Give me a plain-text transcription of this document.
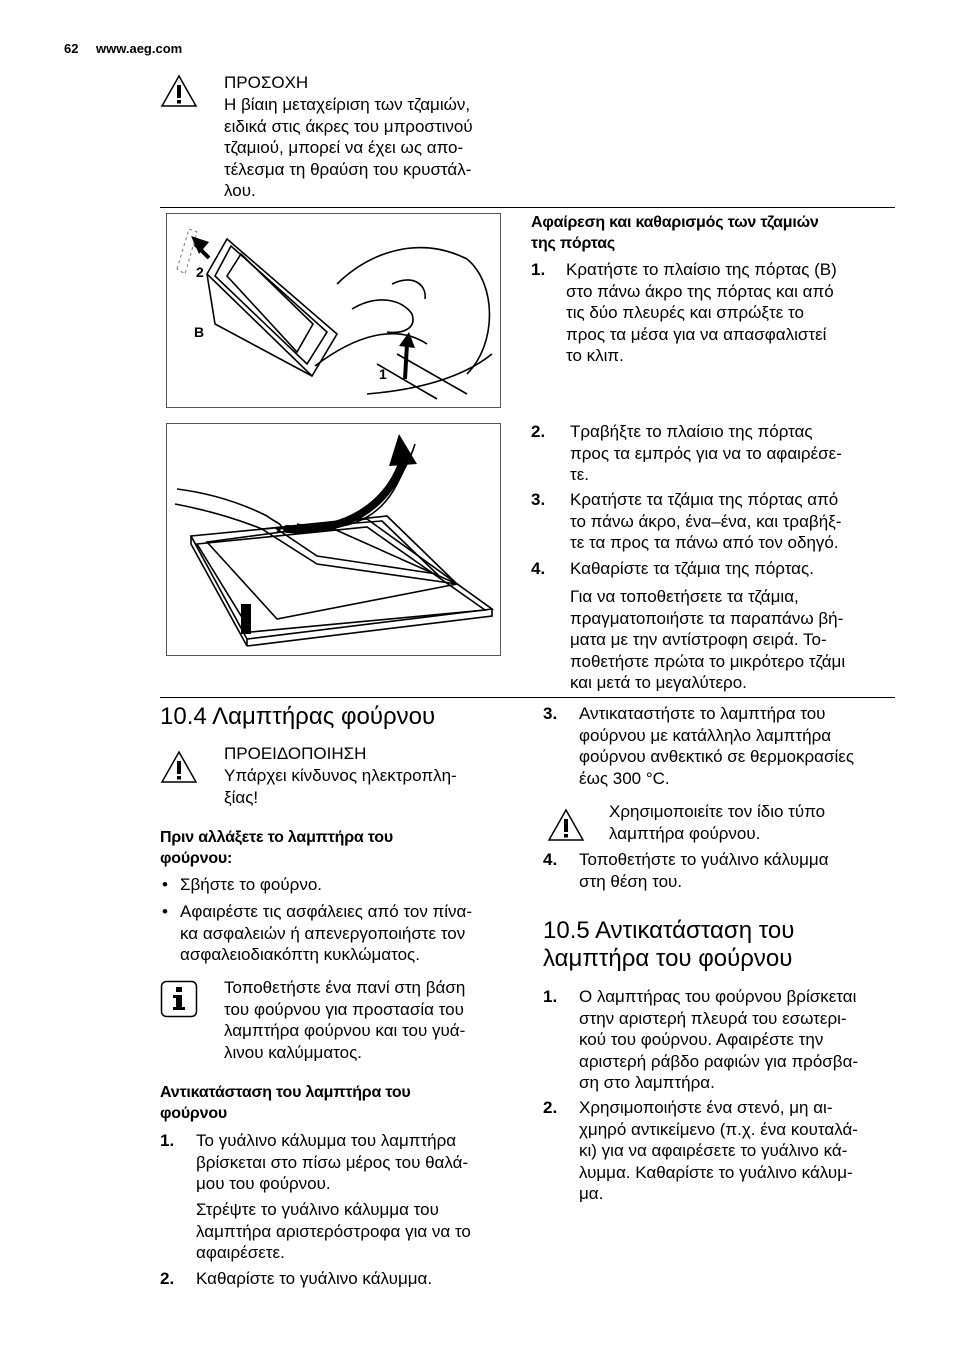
62 www.aeg.com
ΠΡΟΣΟΧΗ
Η βίαιη μεταχείριση των τζαμιών,
ειδικά στις άκρες του μπροστινού
τζαμιού, μπορεί να έχει ως απο-
τέλεσμα τη θραύση του κρυστάλ-
λου.
2
B
1
Αφαίρεση και καθαρισμός των τζαμιών
της πόρτας
1. Κρατήστε το πλαίσιο της πόρτας (B)
στο πάνω άκρο της πόρτας και από
τις δύο πλευρές και σπρώξτε το
προς τα μέσα για να απασφαλιστεί
το κλιπ.
2. Τραβήξτε το πλαίσιο της πόρτας
προς τα εμπρός για να το αφαιρέσε-
τε.
3. Κρατήστε τα τζάμια της πόρτας από
το πάνω άκρο, ένα–ένα, και τραβήξ-
τε τα προς τα πάνω από τον οδηγό.
4. Καθαρίστε τα τζάμια της πόρτας.
Για να τοποθετήσετε τα τζάμια,
πραγματοποιήστε τα παραπάνω βή-
ματα με την αντίστροφη σειρά. Το-
ποθετήστε πρώτα το μικρότερο τζάμι
και μετά το μεγαλύτερο.
10.4 Λαμπτήρας φούρνου
ΠΡΟΕΙΔΟΠΟΙΗΣΗ
Υπάρχει κίνδυνος ηλεκτροπλη-
ξίας!
Πριν αλλάξετε το λαμπτήρα του
φούρνου:
• Σβήστε το φούρνο.
• Αφαιρέστε τις ασφάλειες από τον πίνα-
κα ασφαλειών ή απενεργοποιήστε τον
ασφαλειοδιακόπτη κυκλώματος.
Τοποθετήστε ένα πανί στη βάση
του φούρνου για προστασία του
λαμπτήρα φούρνου και του γυά-
λινου καλύμματος.
Αντικατάσταση του λαμπτήρα του
φούρνου
1. Το γυάλινο κάλυμμα του λαμπτήρα
βρίσκεται στο πίσω μέρος του θαλά-
μου του φούρνου.
Στρέψτε το γυάλινο κάλυμμα του
λαμπτήρα αριστερόστροφα για να το
αφαιρέσετε.
2. Καθαρίστε το γυάλινο κάλυμμα.
3. Αντικαταστήστε το λαμπτήρα του
φούρνου με κατάλληλο λαμπτήρα
φούρνου ανθεκτικό σε θερμοκρασίες
έως 300 °C.
Χρησιμοποιείτε τον ίδιο τύπο
λαμπτήρα φούρνου.
4. Τοποθετήστε το γυάλινο κάλυμμα
στη θέση του.
10.5 Αντικατάσταση του
λαμπτήρα του φούρνου
1. Ο λαμπτήρας του φούρνου βρίσκεται
στην αριστερή πλευρά του εσωτερι-
κού του φούρνου. Αφαιρέστε την
αριστερή ράβδο ραφιών για πρόσβα-
ση στο λαμπτήρα.
2. Χρησιμοποιήστε ένα στενό, μη αι-
χμηρό αντικείμενο (π.χ. ένα κουταλά-
κι) για να αφαιρέσετε το γυάλινο κά-
λυμμα. Καθαρίστε το γυάλινο κάλυμ-
μα.
